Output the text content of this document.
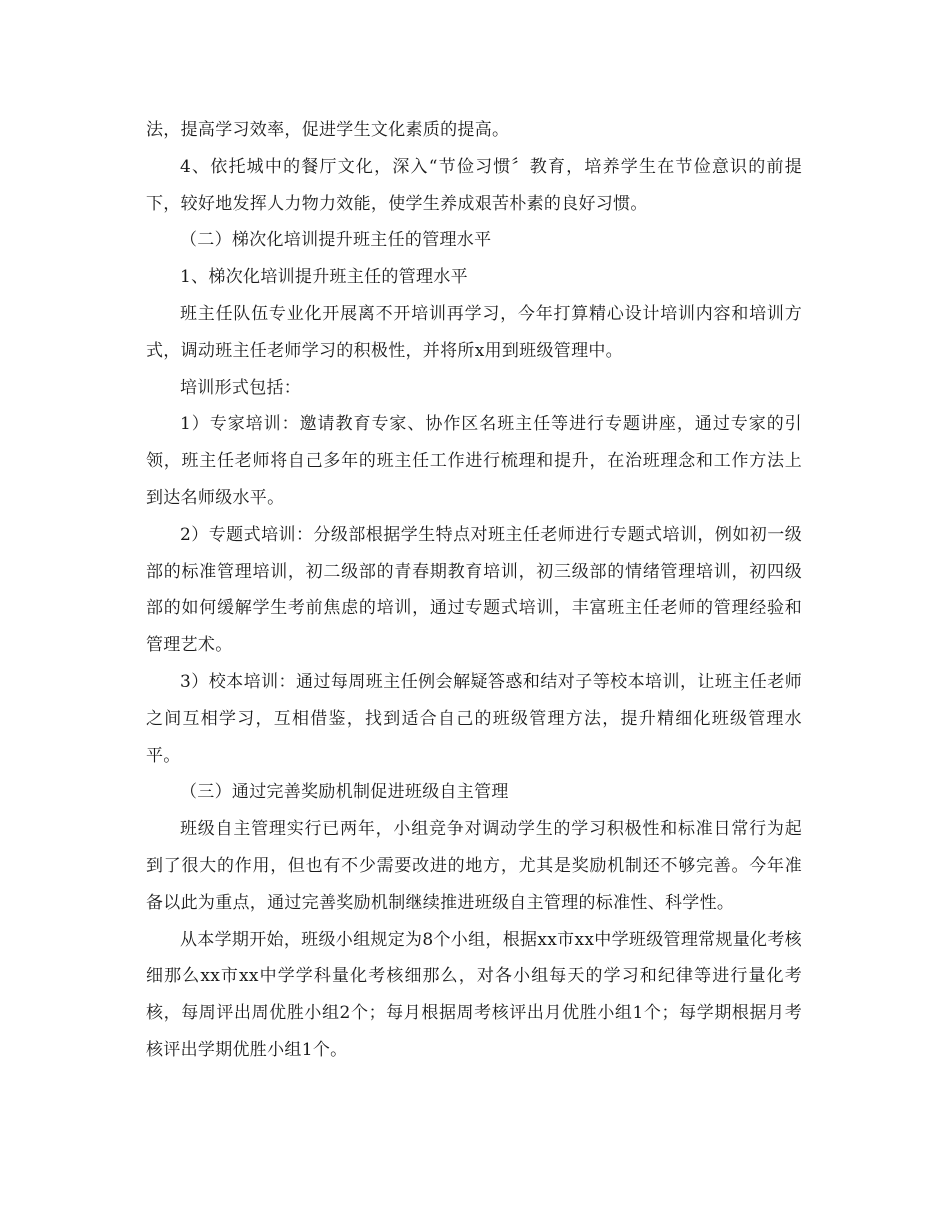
法，提高学习效率，促进学生文化素质的提高。

4、依托城中的餐厅文化，深入“节俭习惯〞教育，培养学生在节俭意识的前提下，较好地发挥人力物力效能，使学生养成艰苦朴素的良好习惯。

（二）梯次化培训提升班主任的管理水平

1、梯次化培训提升班主任的管理水平

班主任队伍专业化开展离不开培训再学习，今年打算精心设计培训内容和培训方式，调动班主任老师学习的积极性，并将所x用到班级管理中。

培训形式包括：

1）专家培训：邀请教育专家、协作区名班主任等进行专题讲座，通过专家的引领，班主任老师将自己多年的班主任工作进行梳理和提升，在治班理念和工作方法上到达名师级水平。

2）专题式培训：分级部根据学生特点对班主任老师进行专题式培训，例如初一级部的标准管理培训，初二级部的青春期教育培训，初三级部的情绪管理培训，初四级部的如何缓解学生考前焦虑的培训，通过专题式培训，丰富班主任老师的管理经验和管理艺术。

3）校本培训：通过每周班主任例会解疑答惑和结对子等校本培训，让班主任老师之间互相学习，互相借鉴，找到适合自己的班级管理方法，提升精细化班级管理水平。

（三）通过完善奖励机制促进班级自主管理

班级自主管理实行已两年，小组竞争对调动学生的学习积极性和标准日常行为起到了很大的作用，但也有不少需要改进的地方，尤其是奖励机制还不够完善。今年准备以此为重点，通过完善奖励机制继续推进班级自主管理的标准性、科学性。

从本学期开始，班级小组规定为8个小组，根据xx市xx中学班级管理常规量化考核细那么xx市xx中学学科量化考核细那么，对各小组每天的学习和纪律等进行量化考核，每周评出周优胜小组2个；每月根据周考核评出月优胜小组1个；每学期根据月考核评出学期优胜小组1个。
